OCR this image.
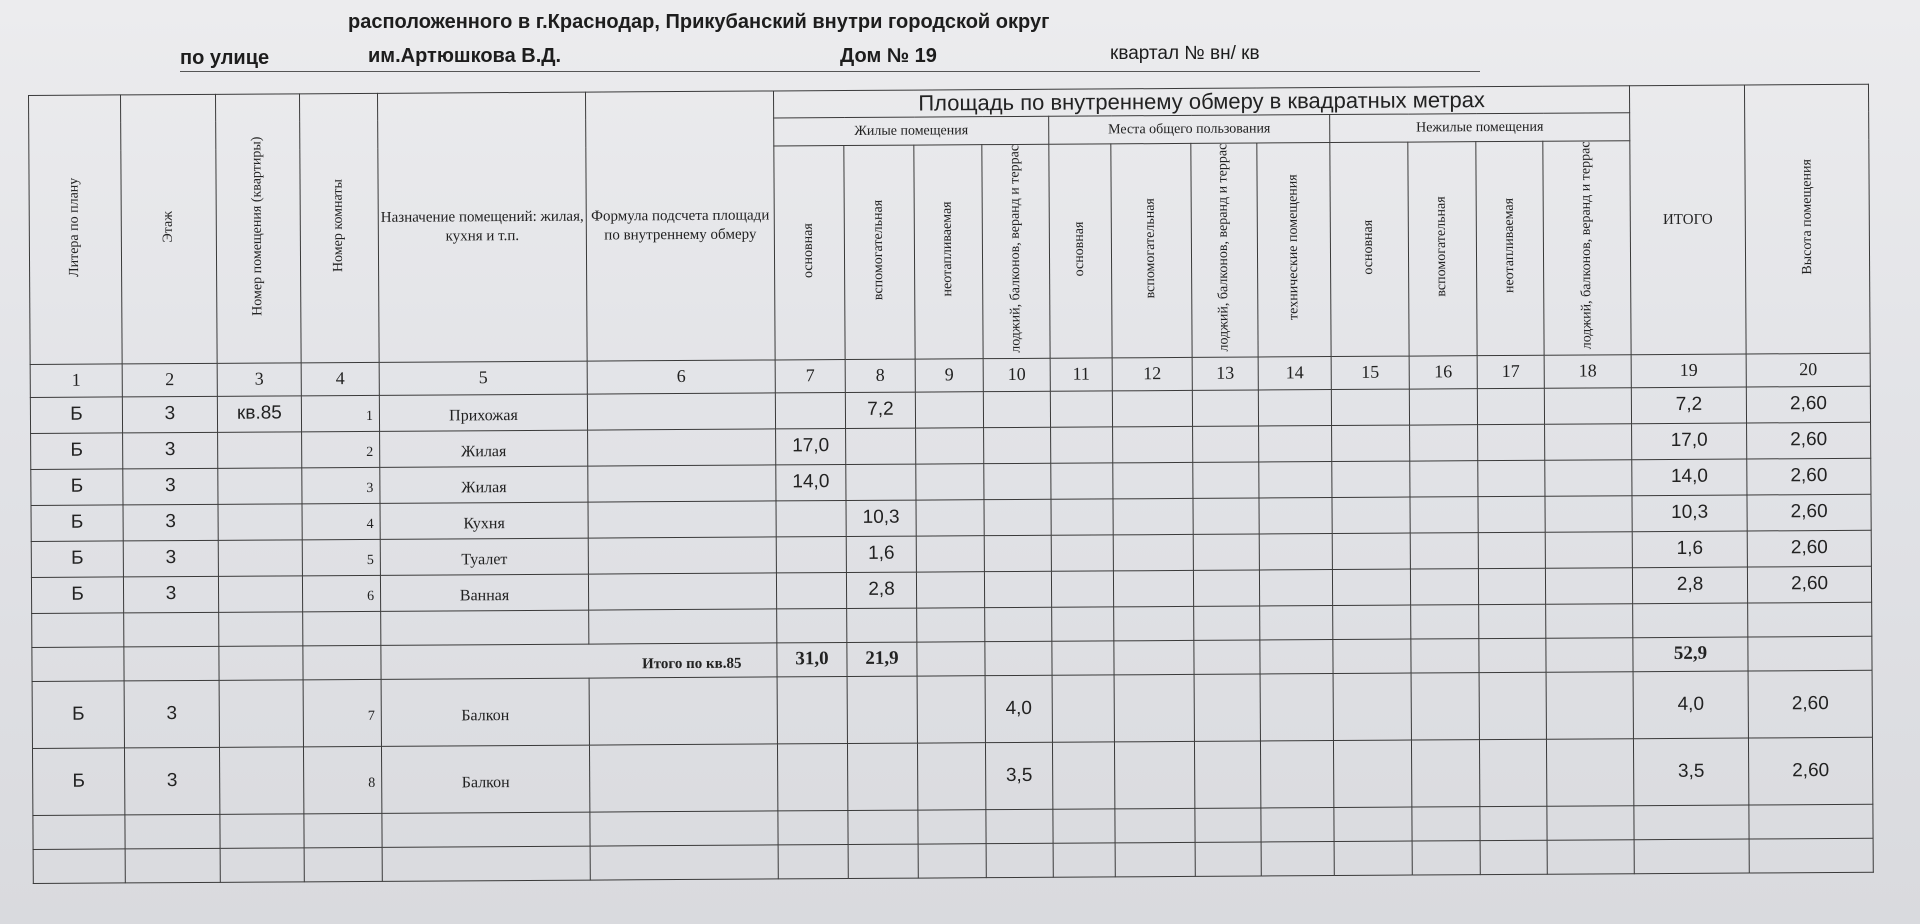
расположенного в г.Краснодар, Прикубанский внутри городской округ
по улице	им.Артюшкова В.Д.	Дом № 19	квартал № вн/ кв
Литера по плану	Этаж	Номер помещения (квартиры)	Номер комнаты	Назначение помещений: жилая, кухня и т.п.	Формула подсчета площади по внутреннему обмеру	Площадь по внутреннему обмеру в квадратных метрах												ИТОГО	Высота помещения
						Жилые помещения				Места общего пользования				Нежилые помещения					
						основная	вспомогательная	неотапливаемая	лоджий, балконов, веранд и террас	основная	вспомогательная	лоджий, балконов, веранд и террас	технические помещения	основная	вспомогательная	неотапливаемая	лоджий, балконов, веранд и террас		
1	2	3	4	5	6	7	8	9	10	11	12	13	14	15	16	17	18	19	20
Б	3	кв.85	1	Прихожая			7,2											7,2	2,60
Б	3		2	Жилая		17,0												17,0	2,60
Б	3		3	Жилая		14,0												14,0	2,60
Б	3		4	Кухня			10,3											10,3	2,60
Б	3		5	Туалет			1,6											1,6	2,60
Б	3		6	Ванная			2,8											2,8	2,60

				Итого по кв.85		31,0	21,9											52,9	
Б	3		7	Балкон					4,0									4,0	2,60
Б	3		8	Балкон					3,5									3,5	2,60
